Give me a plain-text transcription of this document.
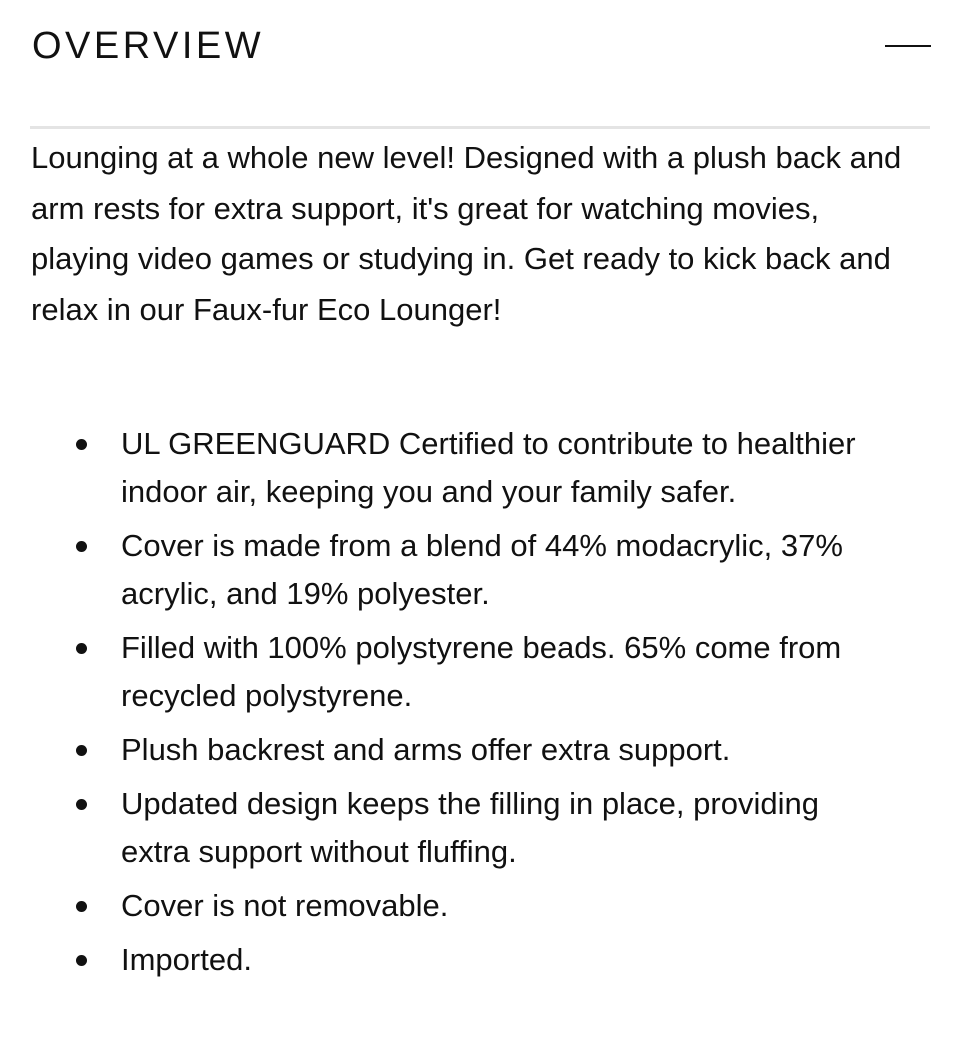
OVERVIEW

Lounging at a whole new level! Designed with a plush back and arm rests for extra support, it's great for watching movies, playing video games or studying in. Get ready to kick back and relax in our Faux-fur Eco Lounger!

UL GREENGUARD Certified to contribute to healthier indoor air, keeping you and your family safer.
Cover is made from a blend of 44% modacrylic, 37% acrylic, and 19% polyester.
Filled with 100% polystyrene beads. 65% come from recycled polystyrene.
Plush backrest and arms offer extra support.
Updated design keeps the filling in place, providing extra support without fluffing.
Cover is not removable.
Imported.
